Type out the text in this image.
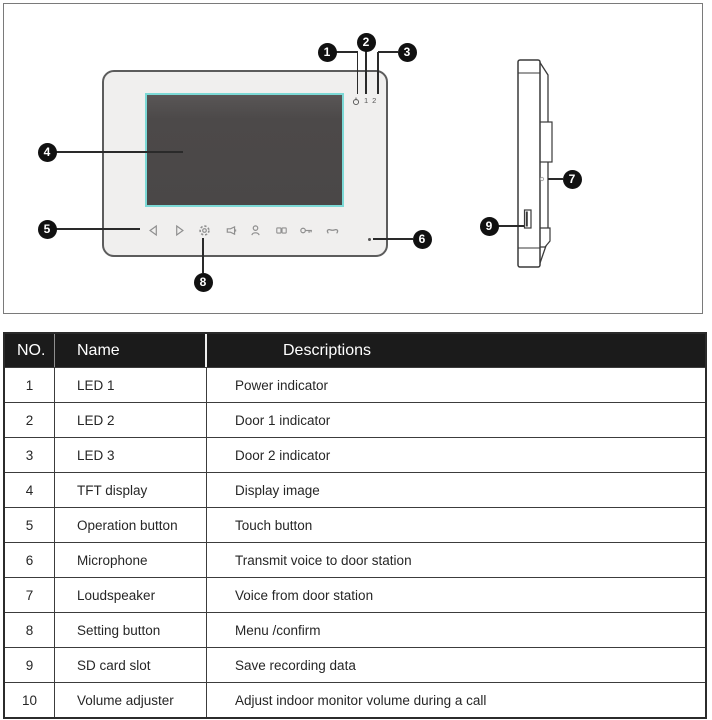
1 2
1
2
3
4
5
6
7
8
9
NO.	Name	Descriptions
1	LED 1	Power indicator
2	LED 2	Door 1 indicator
3	LED 3	Door 2 indicator
4	TFT display	Display image
5	Operation button	Touch button
6	Microphone	Transmit voice to door station
7	Loudspeaker	Voice from door station
8	Setting button	Menu /confirm
9	SD card slot	Save recording data
10	Volume adjuster	Adjust indoor monitor volume during a call
